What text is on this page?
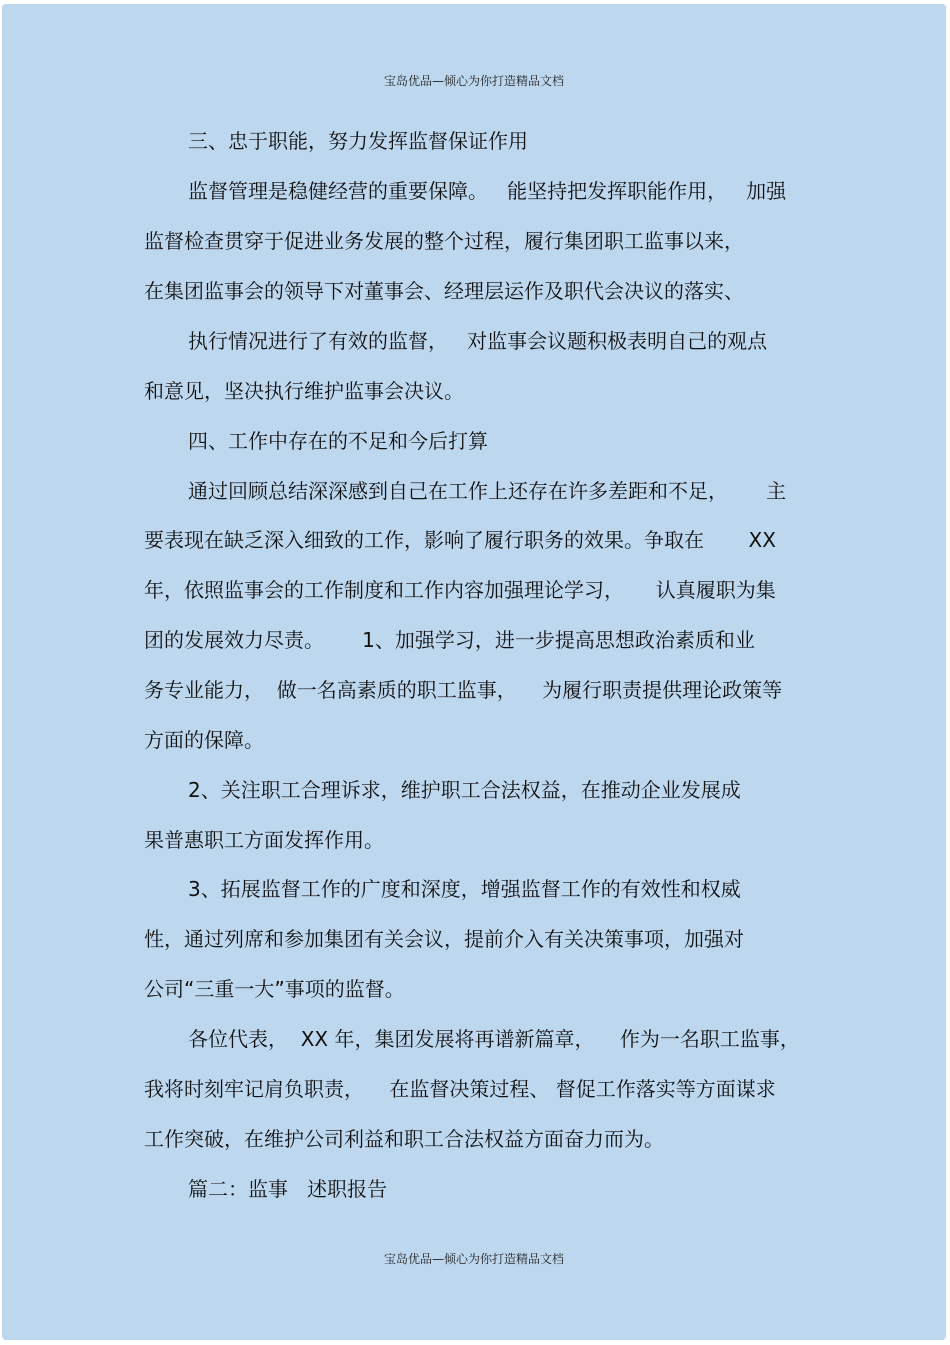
宝岛优品—倾心为你打造精品文档
三、忠于职能，努力发挥监督保证作用
监督管理是稳健经营的重要保障。   能坚持把发挥职能作用，   加强
监督检查贯穿于促进业务发展的整个过程，履行集团职工监事以来，
在集团监事会的领导下对董事会、经理层运作及职代会决议的落实、
执行情况进行了有效的监督，   对监事会议题积极表明自己的观点
和意见，坚决执行维护监事会决议。
四、工作中存在的不足和今后打算
通过回顾总结深深感到自己在工作上还存在许多差距和不足，      主
要表现在缺乏深入细致的工作，影响了履行职务的效果。争取在       XX
年，依照监事会的工作制度和工作内容加强理论学习，     认真履职为集
团的发展效力尽责。      1、加强学习，进一步提高思想政治素质和业
务专业能力，  做一名高素质的职工监事，    为履行职责提供理论政策等
方面的保障。
2、关注职工合理诉求，维护职工合法权益，在推动企业发展成
果普惠职工方面发挥作用。
3、拓展监督工作的广度和深度，增强监督工作的有效性和权威
性，通过列席和参加集团有关会议，提前介入有关决策事项，加强对
公司“三重一大”事项的监督。
各位代表，  XX 年，集团发展将再谱新篇章，    作为一名职工监事，
我将时刻牢记肩负职责，    在监督决策过程、 督促工作落实等方面谋求
工作突破，在维护公司利益和职工合法权益方面奋力而为。
篇二：监事   述职报告
宝岛优品—倾心为你打造精品文档
